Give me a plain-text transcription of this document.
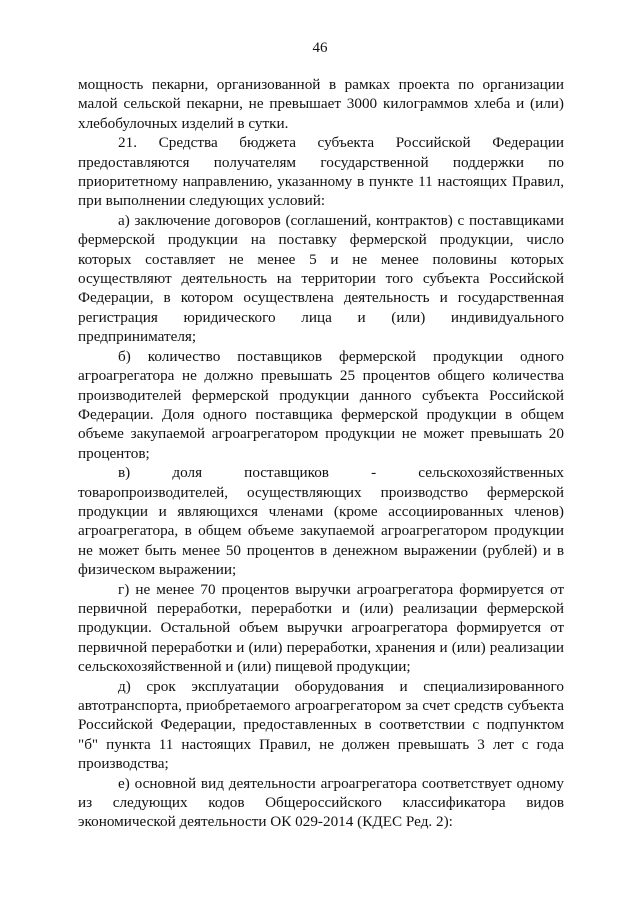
46

мощность пекарни, организованной в рамках проекта по организации малой сельской пекарни, не превышает 3000 килограммов хлеба и (или) хлебобулочных изделий в сутки.

21. Средства бюджета субъекта Российской Федерации предоставляются получателям государственной поддержки по приоритетному направлению, указанному в пункте 11 настоящих Правил, при выполнении следующих условий:

а) заключение договоров (соглашений, контрактов) с поставщиками фермерской продукции на поставку фермерской продукции, число которых составляет не менее 5 и не менее половины которых осуществляют деятельность на территории того субъекта Российской Федерации, в котором осуществлена деятельность и государственная регистрация юридического лица и (или) индивидуального предпринимателя;

б) количество поставщиков фермерской продукции одного агроагрегатора не должно превышать 25 процентов общего количества производителей фермерской продукции данного субъекта Российской Федерации. Доля одного поставщика фермерской продукции в общем объеме закупаемой агроагрегатором продукции не может превышать 20 процентов;

в) доля поставщиков - сельскохозяйственных товаропроизводителей, осуществляющих производство фермерской продукции и являющихся членами (кроме ассоциированных членов) агроагрегатора, в общем объеме закупаемой агроагрегатором продукции не может быть менее 50 процентов в денежном выражении (рублей) и в физическом выражении;

г) не менее 70 процентов выручки агроагрегатора формируется от первичной переработки, переработки и (или) реализации фермерской продукции. Остальной объем выручки агроагрегатора формируется от первичной переработки и (или) переработки, хранения и (или) реализации сельскохозяйственной и (или) пищевой продукции;

д) срок эксплуатации оборудования и специализированного автотранспорта, приобретаемого агроагрегатором за счет средств субъекта Российской Федерации, предоставленных в соответствии с подпунктом "б" пункта 11 настоящих Правил, не должен превышать 3 лет с года производства;

е) основной вид деятельности агроагрегатора соответствует одному из следующих кодов Общероссийского классификатора видов экономической деятельности ОК 029-2014 (КДЕС Ред. 2):
